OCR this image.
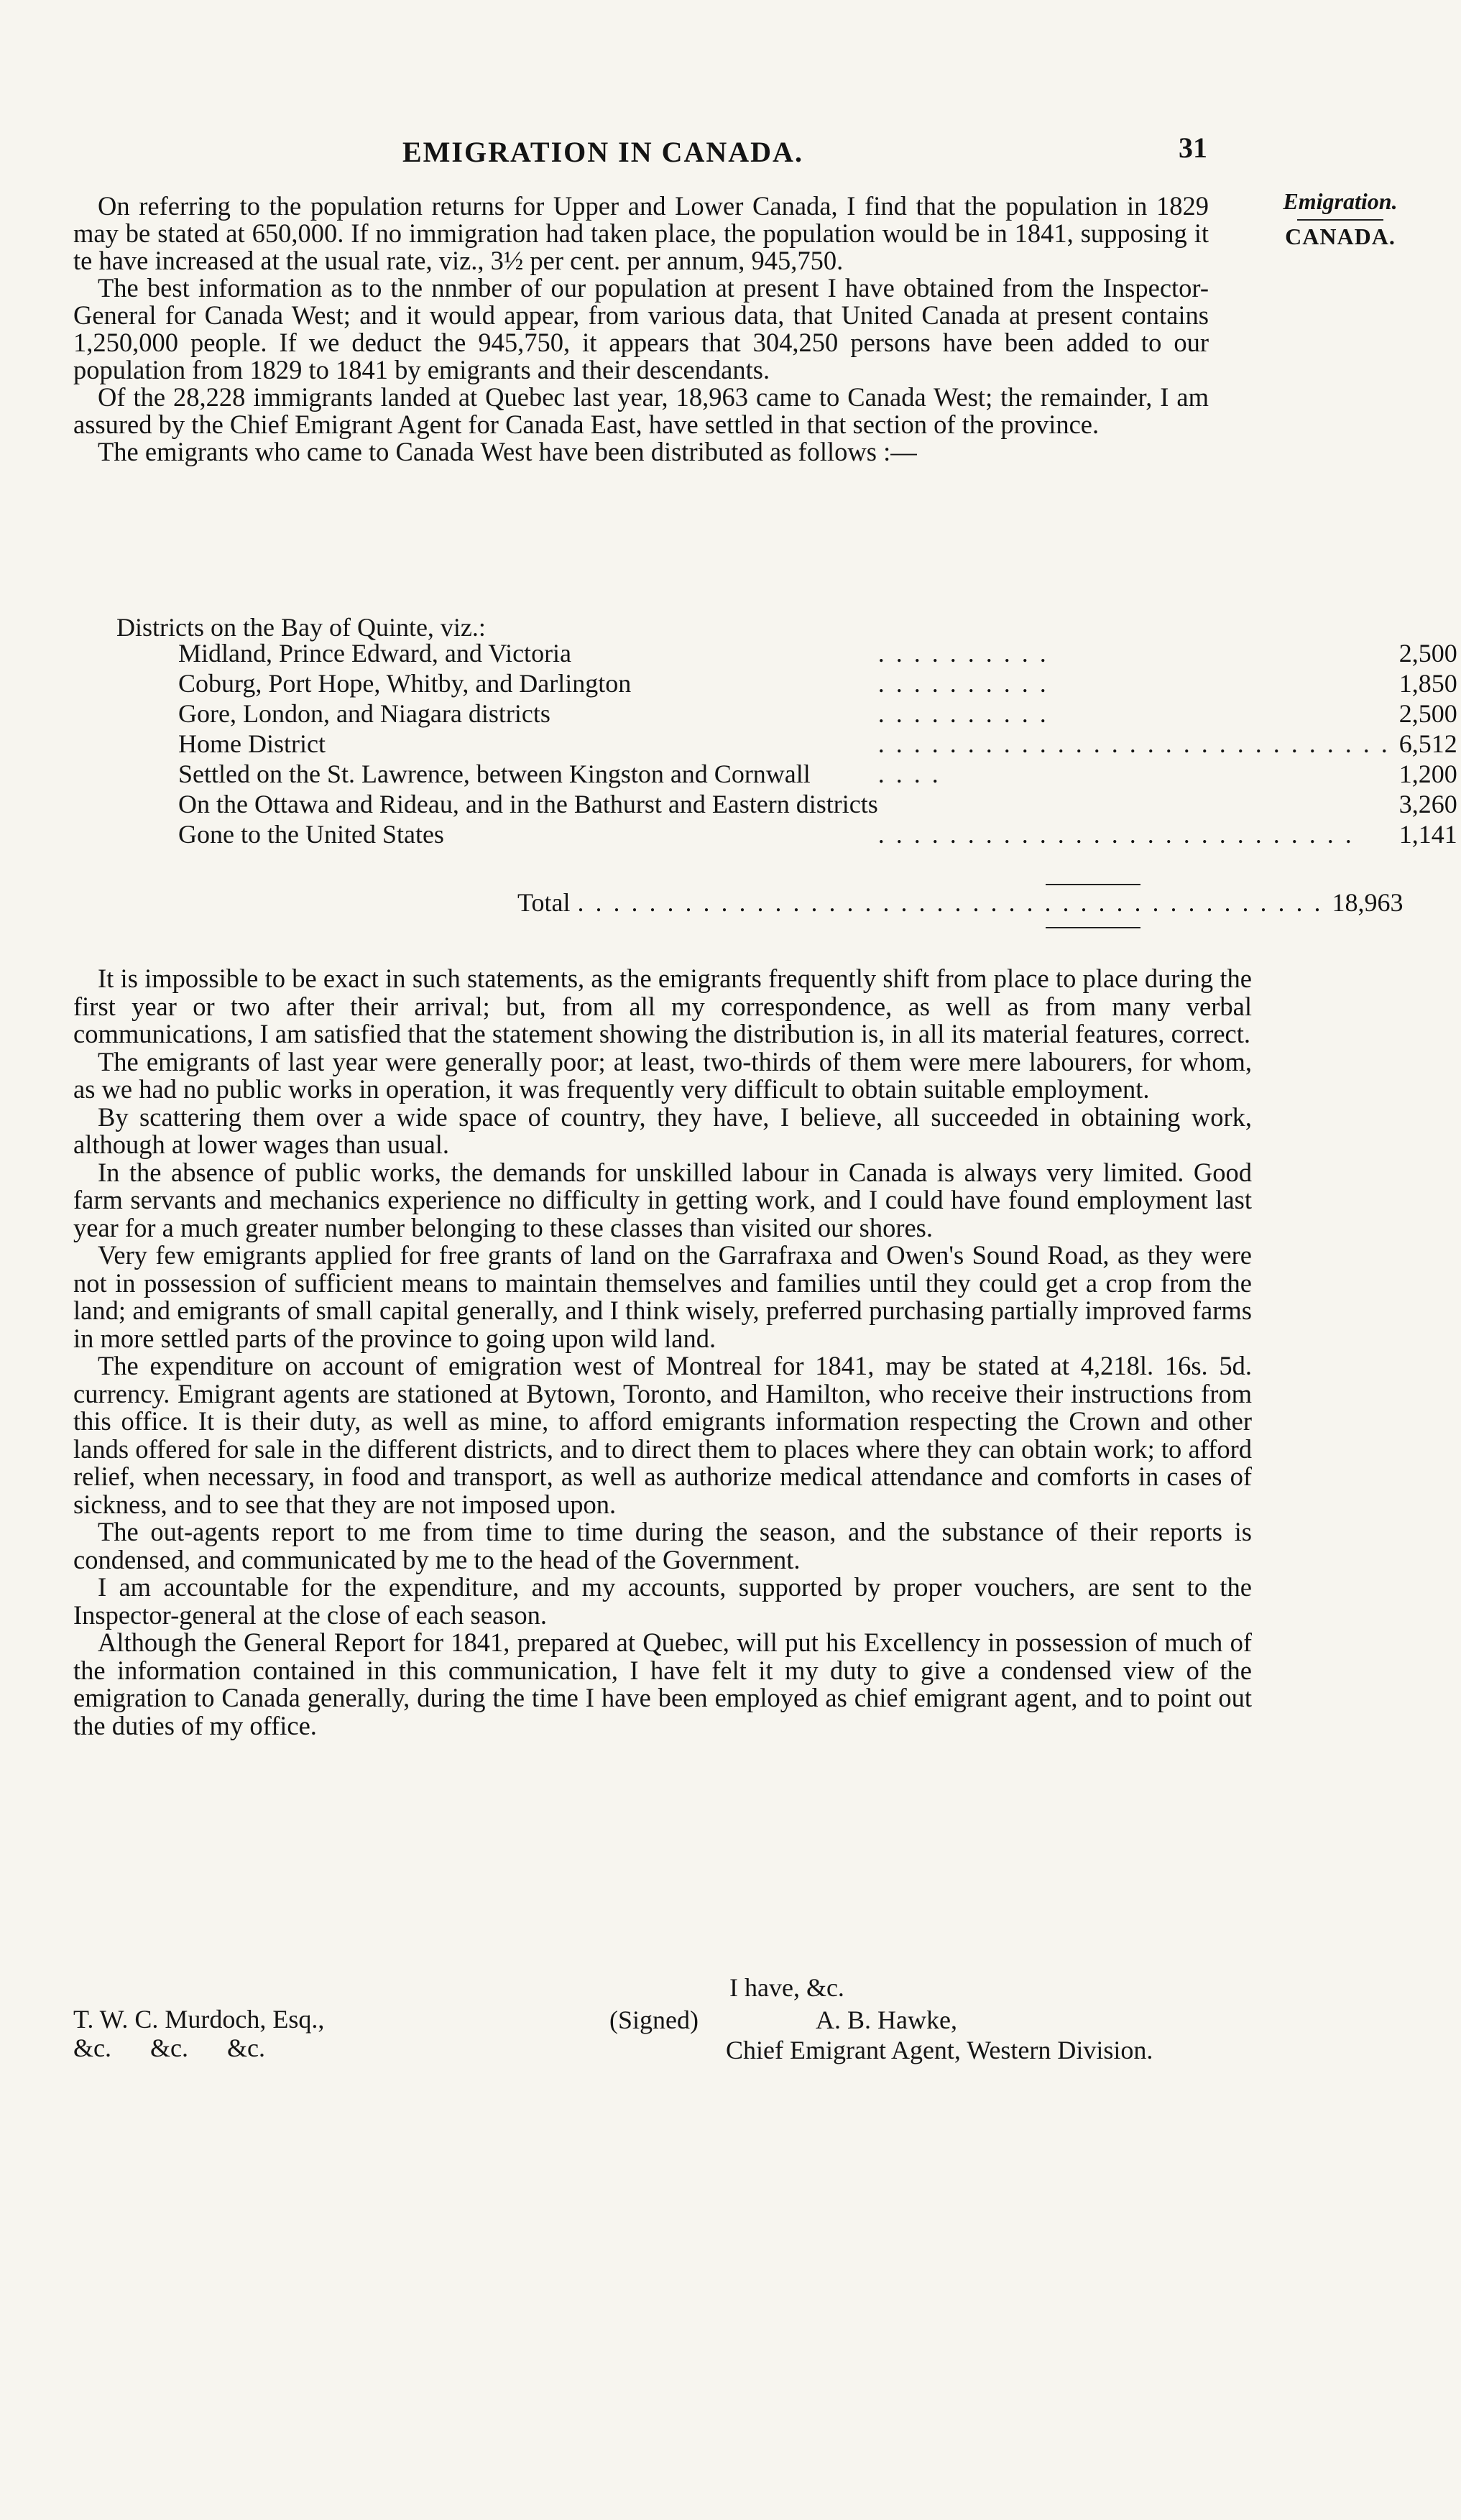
EMIGRATION IN CANADA.	31
Emigration.
CANADA.

On referring to the population returns for Upper and Lower Canada, I find that the population in 1829 may be stated at 650,000. If no immigration had taken place, the population would be in 1841, supposing it te have increased at the usual rate, viz., 3½ per cent. per annum, 945,750.

The best information as to the nnmber of our population at present I have obtained from the Inspector-General for Canada West; and it would appear, from various data, that United Canada at present contains 1,250,000 people. If we deduct the 945,750, it appears that 304,250 persons have been added to our population from 1829 to 1841 by emigrants and their descendants.

Of the 28,228 immigrants landed at Quebec last year, 18,963 came to Canada West; the remainder, I am assured by the Chief Emigrant Agent for Canada East, have settled in that section of the province.

The emigrants who came to Canada West have been distributed as follows :—

Districts on the Bay of Quinte, viz.:
Midland, Prince Edward, and Victoria	..........	2,500
Coburg, Port Hope, Whitby, and Darlington	..........	1,850
Gore, London, and Niagara districts	..........	2,500
Home District	.............................	6,512
Settled on the St. Lawrence, between Kingston and Cornwall	....	1,200
On the Ottawa and Rideau, and in the Bathurst and Eastern districts		3,260
Gone to the United States	...........................	1,141
Total .......................................... 18,963

It is impossible to be exact in such statements, as the emigrants frequently shift from place to place during the first year or two after their arrival; but, from all my correspondence, as well as from many verbal communications, I am satisfied that the statement showing the distribution is, in all its material features, correct.

The emigrants of last year were generally poor; at least, two-thirds of them were mere labourers, for whom, as we had no public works in operation, it was frequently very difficult to obtain suitable employment.

By scattering them over a wide space of country, they have, I believe, all succeeded in obtaining work, although at lower wages than usual.

In the absence of public works, the demands for unskilled labour in Canada is always very limited. Good farm servants and mechanics experience no difficulty in getting work, and I could have found employment last year for a much greater number belonging to these classes than visited our shores.

Very few emigrants applied for free grants of land on the Garrafraxa and Owen's Sound Road, as they were not in possession of sufficient means to maintain themselves and families until they could get a crop from the land; and emigrants of small capital generally, and I think wisely, preferred purchasing partially improved farms in more settled parts of the province to going upon wild land.

The expenditure on account of emigration west of Montreal for 1841, may be stated at 4,218l. 16s. 5d. currency. Emigrant agents are stationed at Bytown, Toronto, and Hamilton, who receive their instructions from this office. It is their duty, as well as mine, to afford emigrants information respecting the Crown and other lands offered for sale in the different districts, and to direct them to places where they can obtain work; to afford relief, when necessary, in food and transport, as well as authorize medical attendance and comforts in cases of sickness, and to see that they are not imposed upon.

The out-agents report to me from time to time during the season, and the substance of their reports is condensed, and communicated by me to the head of the Government.

I am accountable for the expenditure, and my accounts, supported by proper vouchers, are sent to the Inspector-general at the close of each season.

Although the General Report for 1841, prepared at Quebec, will put his Excellency in possession of much of the information contained in this communication, I have felt it my duty to give a condensed view of the emigration to Canada generally, during the time I have been employed as chief emigrant agent, and to point out the duties of my office.

I have, &c.
T. W. C. Murdoch, Esq.,
&c.      &c.      &c.
(Signed)	A. B. Hawke,
Chief Emigrant Agent, Western Division.
